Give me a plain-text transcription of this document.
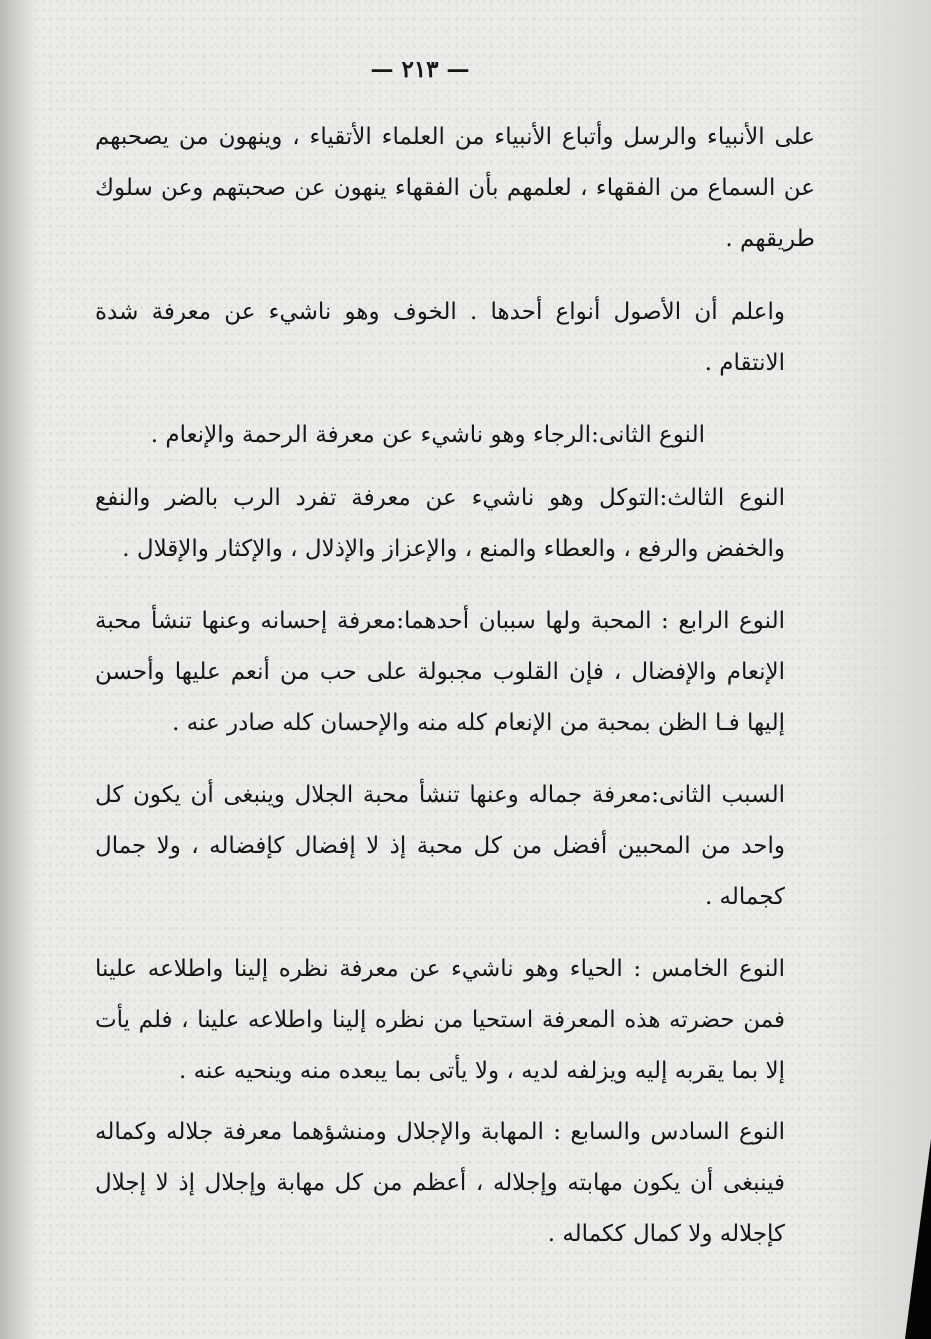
— ٢١٣ —

على الأنبياء والرسل وأتباع الأنبياء من العلماء الأتقياء ، وينهون من يصحبهم عن السماع من الفقهاء ، لعلمهم بأن الفقهاء ينهون عن صحبتهم وعن سلوك طريقهم .

واعلم أن الأصول أنواع أحدها . الخوف وهو ناشيء عن معرفة شدة الانتقام .

النوع الثانى:الرجاء وهو ناشيء عن معرفة الرحمة والإنعام .

النوع الثالث:التوكل وهو ناشيء عن معرفة تفرد الرب بالضر والنفع والخفض والرفع ، والعطاء والمنع ، والإعزاز والإذلال ، والإكثار والإقلال .

النوع الرابع : المحبة ولها سببان أحدهما:معرفة إحسانه وعنها تنشأ محبة الإنعام والإفضال ، فإن القلوب مجبولة على حب من أنعم عليها وأحسن إليها فـا الظن بمحبة من الإنعام كله منه والإحسان كله صادر عنه .

السبب الثانى:معرفة جماله وعنها تنشأ محبة الجلال وينبغى أن يكون كل واحد من المحبين أفضل من كل محبة إذ لا إفضال كإفضاله ، ولا جمال كجماله .

النوع الخامس : الحياء وهو ناشيء عن معرفة نظره إلينا واطلاعه علينا فمن حضرته هذه المعرفة استحيا من نظره إلينا واطلاعه علينا ، فلم يأت إلا بما يقربه إليه ويزلفه لديه ، ولا يأتى بما يبعده منه وينحيه عنه .

النوع السادس والسابع : المهابة والإجلال ومنشؤهما معرفة جلاله وكماله فينبغى أن يكون مهابته وإجلاله ، أعظم من كل مهابة وإجلال إذ لا إجلال كإجلاله ولا كمال ككماله .
